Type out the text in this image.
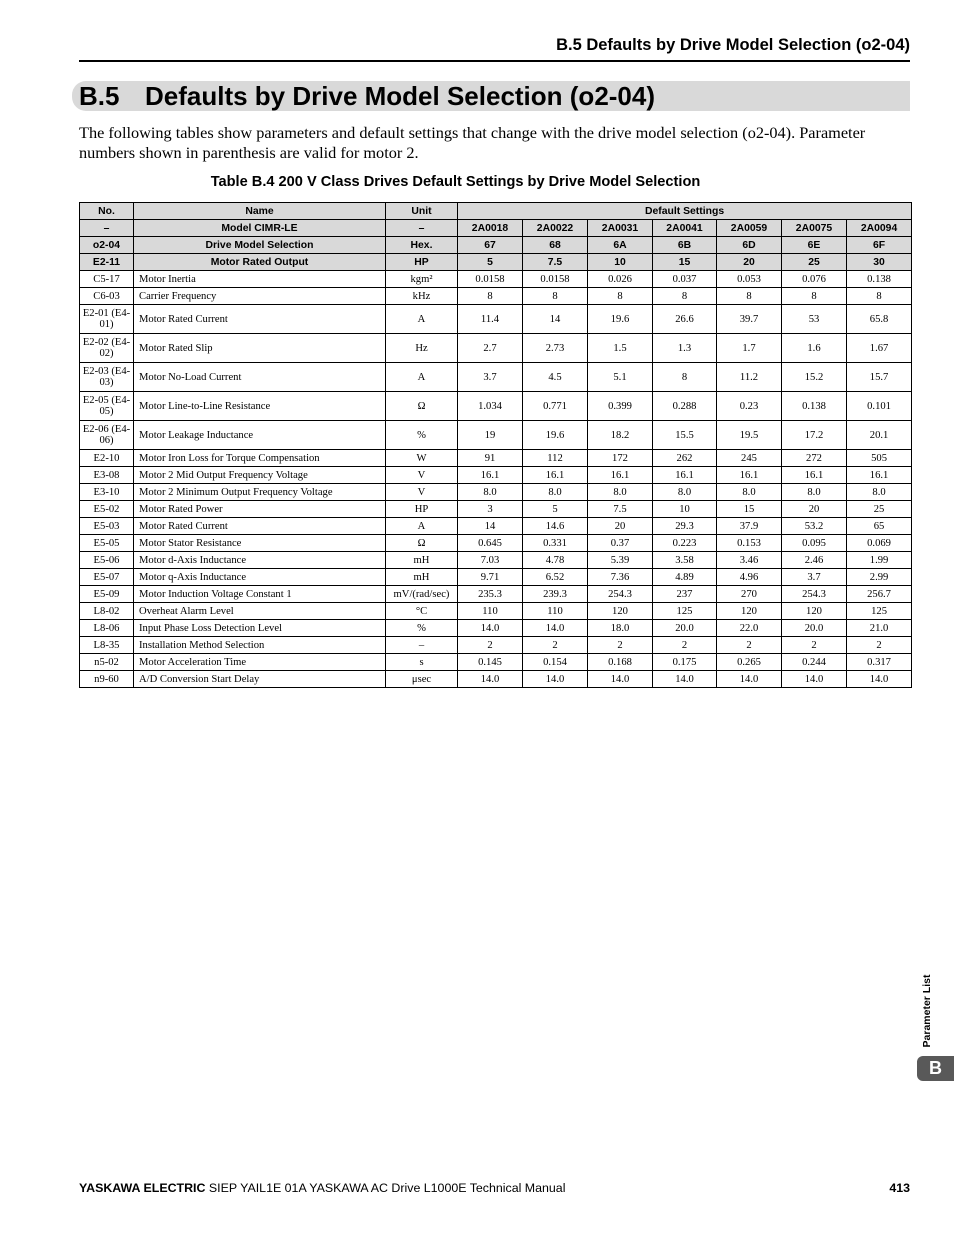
B.5 Defaults by Drive Model Selection (o2-04)
B.5 Defaults by Drive Model Selection (o2-04)
The following tables show parameters and default settings that change with the drive model selection (o2-04). Parameter numbers shown in parenthesis are valid for motor 2.
Table B.4 200 V Class Drives Default Settings by Drive Model Selection
No.	Name	Unit	Default Settings						
–	Model CIMR-LE	–	2A0018	2A0022	2A0031	2A0041	2A0059	2A0075	2A0094
o2-04	Drive Model Selection	Hex.	67	68	6A	6B	6D	6E	6F
E2-11	Motor Rated Output	HP	5	7.5	10	15	20	25	30
C5-17	Motor Inertia	kgm²	0.0158	0.0158	0.026	0.037	0.053	0.076	0.138
C6-03	Carrier Frequency	kHz	8	8	8	8	8	8	8
E2-01 (E4-01)	Motor Rated Current	A	11.4	14	19.6	26.6	39.7	53	65.8
E2-02 (E4-02)	Motor Rated Slip	Hz	2.7	2.73	1.5	1.3	1.7	1.6	1.67
E2-03 (E4-03)	Motor No-Load Current	A	3.7	4.5	5.1	8	11.2	15.2	15.7
E2-05 (E4-05)	Motor Line-to-Line Resistance	Ω	1.034	0.771	0.399	0.288	0.23	0.138	0.101
E2-06 (E4-06)	Motor Leakage Inductance	%	19	19.6	18.2	15.5	19.5	17.2	20.1
E2-10	Motor Iron Loss for Torque Compensation	W	91	112	172	262	245	272	505
E3-08	Motor 2 Mid Output Frequency Voltage	V	16.1	16.1	16.1	16.1	16.1	16.1	16.1
E3-10	Motor 2 Minimum Output Frequency Voltage	V	8.0	8.0	8.0	8.0	8.0	8.0	8.0
E5-02	Motor Rated Power	HP	3	5	7.5	10	15	20	25
E5-03	Motor Rated Current	A	14	14.6	20	29.3	37.9	53.2	65
E5-05	Motor Stator Resistance	Ω	0.645	0.331	0.37	0.223	0.153	0.095	0.069
E5-06	Motor d-Axis Inductance	mH	7.03	4.78	5.39	3.58	3.46	2.46	1.99
E5-07	Motor q-Axis Inductance	mH	9.71	6.52	7.36	4.89	4.96	3.7	2.99
E5-09	Motor Induction Voltage Constant 1	mV/(rad/sec)	235.3	239.3	254.3	237	270	254.3	256.7
L8-02	Overheat Alarm Level	°C	110	110	120	125	120	120	125
L8-06	Input Phase Loss Detection Level	%	14.0	14.0	18.0	20.0	22.0	20.0	21.0
L8-35	Installation Method Selection	–	2	2	2	2	2	2	2
n5-02	Motor Acceleration Time	s	0.145	0.154	0.168	0.175	0.265	0.244	0.317
n9-60	A/D Conversion Start Delay	μsec	14.0	14.0	14.0	14.0	14.0	14.0	14.0
Parameter List
B
YASKAWA ELECTRIC SIEP YAIL1E 01A YASKAWA AC Drive L1000E Technical Manual	413
